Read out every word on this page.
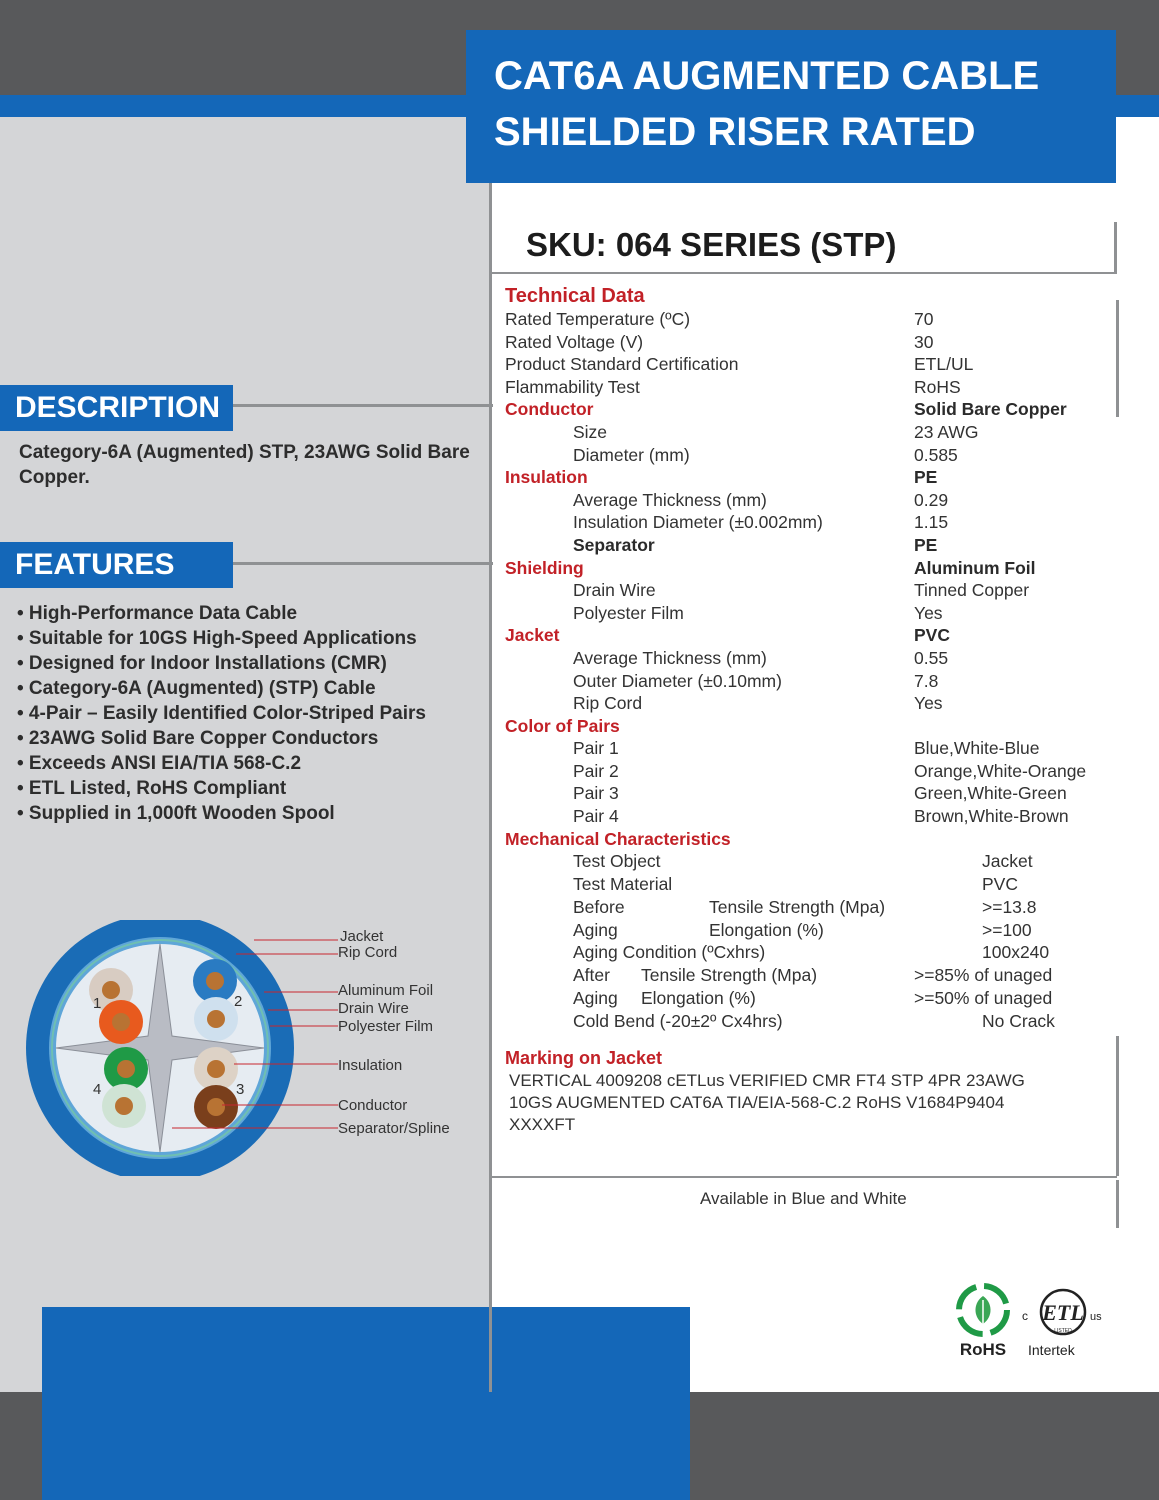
CAT6A AUGMENTED CABLE
SHIELDED RISER RATED
SKU: 064 SERIES (STP)
DESCRIPTION
Category-6A (Augmented) STP, 23AWG Solid Bare Copper.
FEATURES
• High-Performance Data Cable
• Suitable for 10GS High-Speed Applications
• Designed for Indoor Installations (CMR)
• Category-6A (Augmented) (STP) Cable
• 4-Pair – Easily Identified Color-Striped Pairs
• 23AWG Solid Bare Copper Conductors
• Exceeds ANSI EIA/TIA 568-C.2
• ETL Listed, RoHS Compliant
• Supplied in 1,000ft Wooden Spool
1	2
3
4
Jacket
Rip Cord
Aluminum Foil
Drain Wire
Polyester Film
Insulation
Conductor
Separator/Spline
Technical Data
Rated Temperature (ºC)	70
Rated Voltage (V)	30
Product Standard Certification	ETL/UL
Flammability Test	RoHS
Conductor	Solid Bare Copper
Size	23 AWG
Diameter (mm)	0.585
Insulation	PE
Average Thickness (mm)	0.29
Insulation Diameter (±0.002mm)	1.15
Separator	PE
Shielding	Aluminum Foil
Drain Wire	Tinned Copper
Polyester Film	Yes
Jacket	PVC
Average Thickness (mm)	0.55
Outer Diameter (±0.10mm)	7.8
Rip Cord	Yes
Color of Pairs
Pair 1	Blue,White-Blue
Pair 2	Orange,White-Orange
Pair 3	Green,White-Green
Pair 4	Brown,White-Brown
Mechanical Characteristics
Test Object	Jacket
Test Material	PVC
Before	Tensile Strength (Mpa)	>=13.8
Aging	Elongation (%)	>=100
Aging Condition (ºCxhrs)	100x240
After Tensile Strength (Mpa)	>=85% of unaged
Aging Elongation (%)	>=50% of unaged
Cold Bend (-20±2º Cx4hrs)	No Crack
Marking on Jacket
VERTICAL 4009208 cETLus VERIFIED CMR FT4 STP 4PR 23AWG
10GS AUGMENTED CAT6A TIA/EIA-568-C.2 RoHS V1684P9404
XXXXFT
Available in Blue and White
RoHS
ETL
c	us
LISTED
Intertek
